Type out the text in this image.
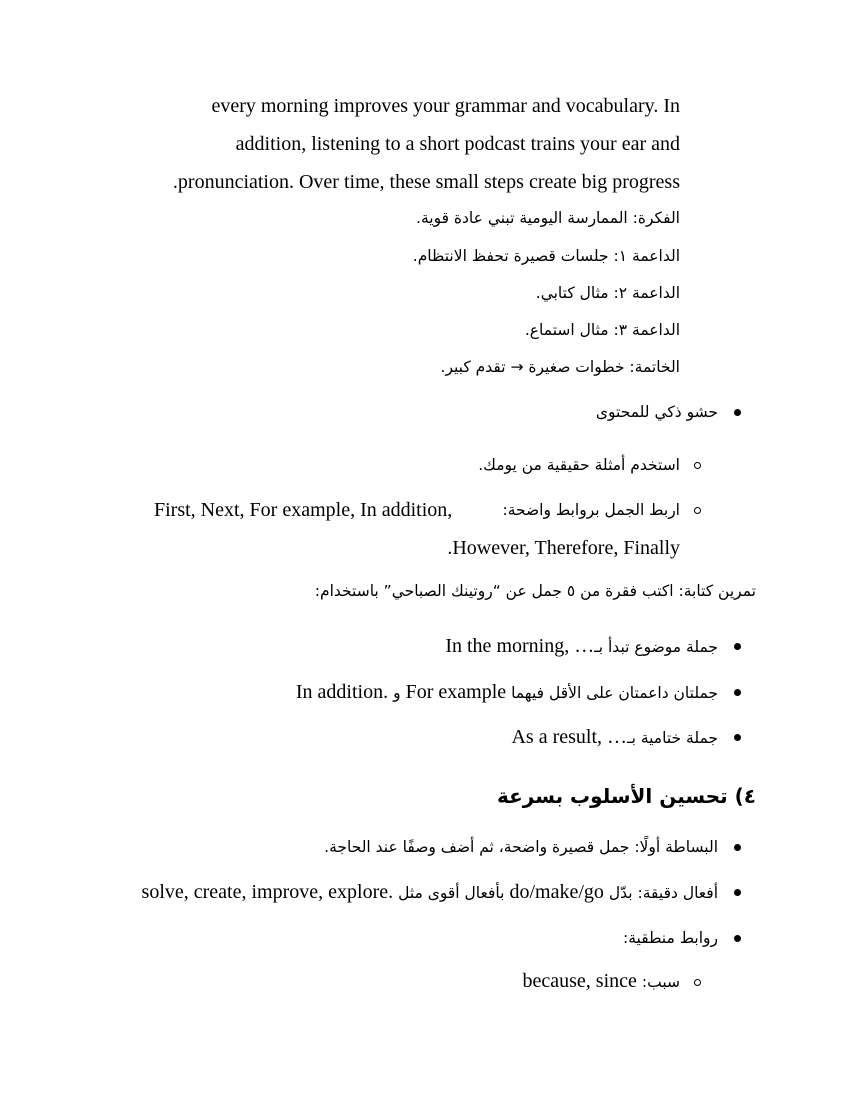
every morning improves your grammar and vocabulary. In
addition, listening to a short podcast trains your ear and
.pronunciation. Over time, these small steps create big progress
الفكرة: الممارسة اليومية تبني عادة قوية.
الداعمة ١: جلسات قصيرة تحفظ الانتظام.
الداعمة ٢: مثال كتابي.
الداعمة ٣: مثال استماع.
الخاتمة: خطوات صغيرة → تقدم كبير.
حشو ذكي للمحتوى
استخدم أمثلة حقيقية من يومك.
اربط الجمل بروابط واضحة:
First, Next, For example, In addition,
.However, Therefore, Finally
تمرين كتابة: اكتب فقرة من ٥ جمل عن “روتينك الصباحي” باستخدام:
جملة موضوع تبدأ بـIn the morning, …
جملتان داعمتان على الأقل فيهما For example و In addition.
جملة ختامية بـAs a result, …
٤) تحسين الأسلوب بسرعة
البساطة أولًا: جمل قصيرة واضحة، ثم أضف وصفًا عند الحاجة.
أفعال دقيقة: بدّل do/make/go بأفعال أقوى مثل solve, create, improve, explore.
روابط منطقية:
سبب: because, since
